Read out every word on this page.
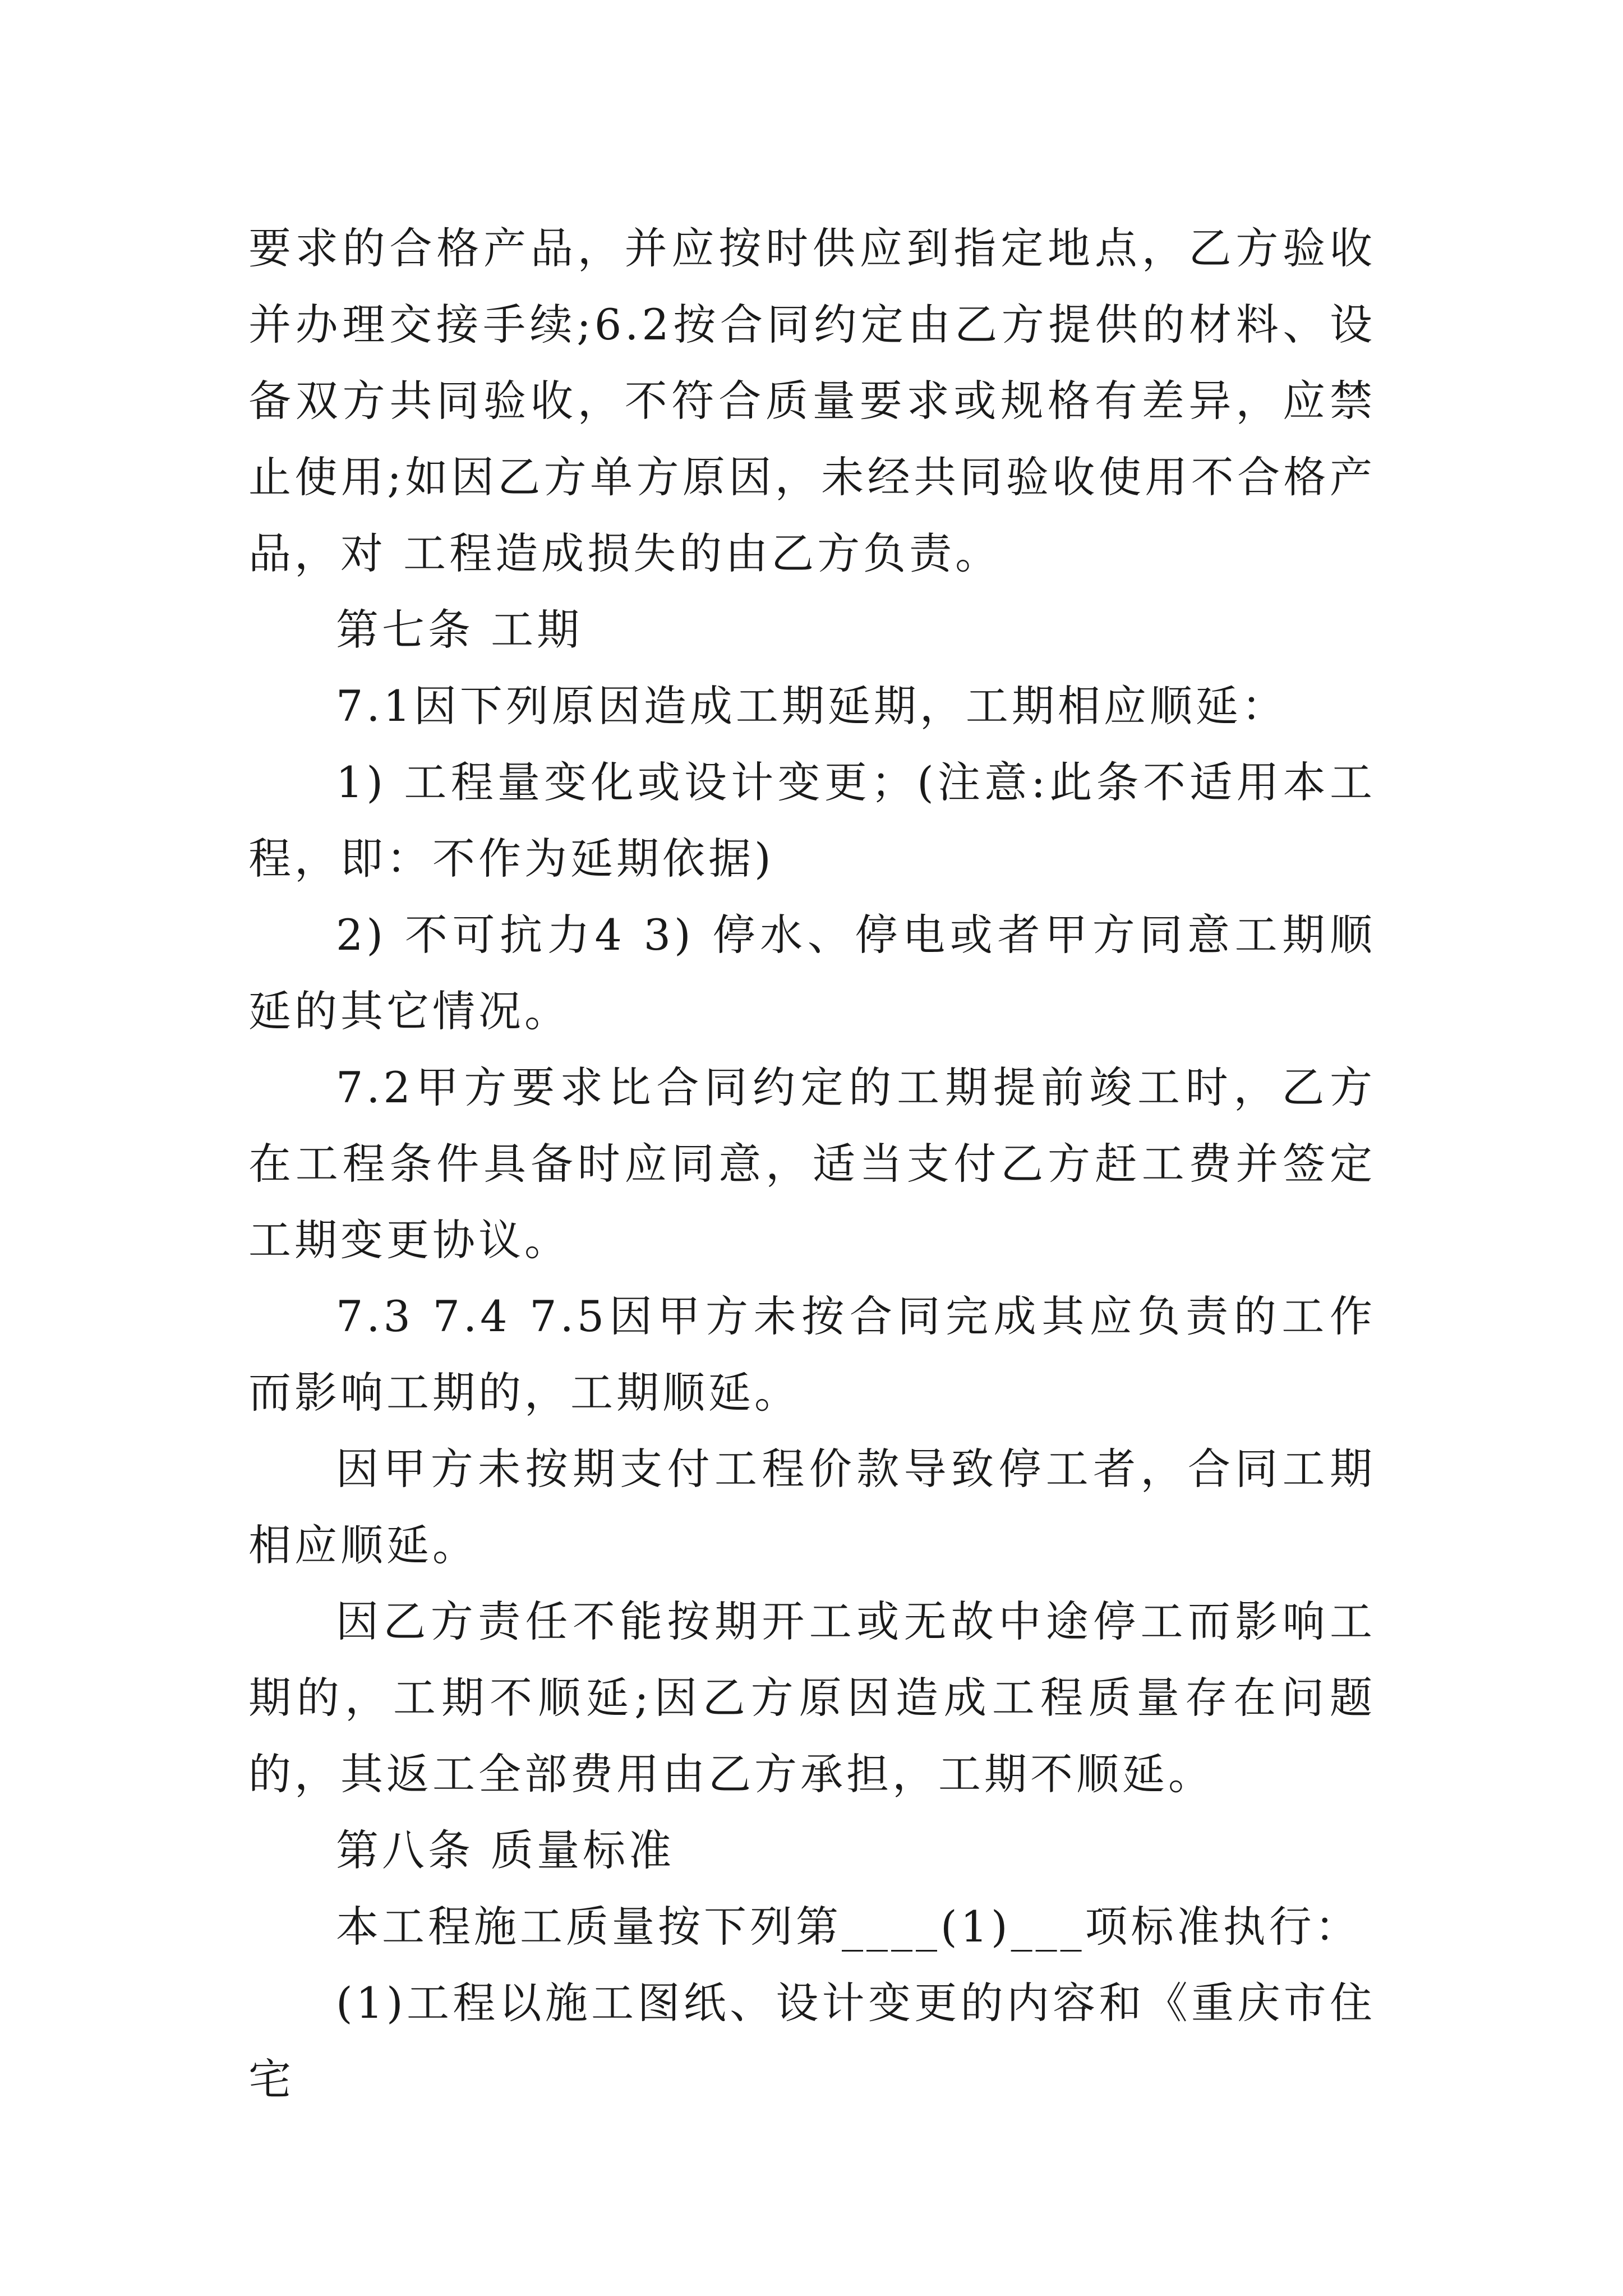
要求的合格产品，并应按时供应到指定地点，乙方验收并办理交接手续;6.2按合同约定由乙方提供的材料、设备双方共同验收，不符合质量要求或规格有差异，应禁止使用;如因乙方单方原因，未经共同验收使用不合格产品，对 工程造成损失的由乙方负责。

第七条 工期

7.1因下列原因造成工期延期，工期相应顺延：

1) 工程量变化或设计变更；(注意:此条不适用本工程，即：不作为延期依据)

2) 不可抗力4 3) 停水、停电或者甲方同意工期顺延的其它情况。

7.2甲方要求比合同约定的工期提前竣工时，乙方在工程条件具备时应同意，适当支付乙方赶工费并签定工期变更协议。

7.3 7.4 7.5因甲方未按合同完成其应负责的工作而影响工期的，工期顺延。

因甲方未按期支付工程价款导致停工者，合同工期相应顺延。

因乙方责任不能按期开工或无故中途停工而影响工期的，工期不顺延;因乙方原因造成工程质量存在问题的，其返工全部费用由乙方承担，工期不顺延。

第八条 质量标准

本工程施工质量按下列第____(1)___项标准执行：

(1)工程以施工图纸、设计变更的内容和《重庆市住宅
